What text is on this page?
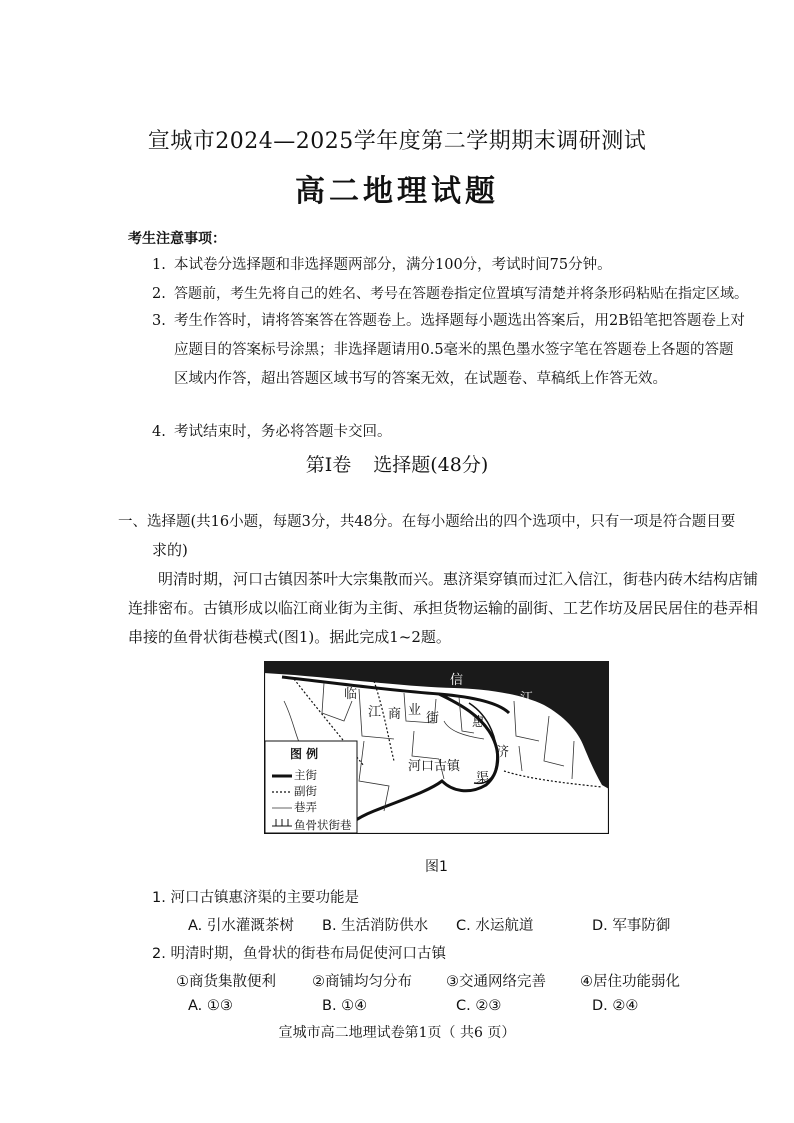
宣城市2024—2025学年度第二学期期末调研测试
高二地理试题
考生注意事项：
1. 本试卷分选择题和非选择题两部分，满分100分，考试时间75分钟。
2. 答题前，考生先将自己的姓名、考号在答题卷指定位置填写清楚并将条形码粘贴在指定区域。
3. 考生作答时，请将答案答在答题卷上。选择题每小题选出答案后，用2B铅笔把答题卷上对
应题目的答案标号涂黑；非选择题请用0.5毫米的黑色墨水签字笔在答题卷上各题的答题
区域内作答，超出答题区域书写的答案无效，在试题卷、草稿纸上作答无效。
4. 考试结束时，务必将答题卡交回。
第Ⅰ卷 选择题(48分)
一、选择题(共16小题，每题3分，共48分。在每小题给出的四个选项中，只有一项是符合题目要
求的)
明清时期，河口古镇因茶叶大宗集散而兴。惠济渠穿镇而过汇入信江，街巷内砖木结构店铺连排密布。古镇形成以临江商业街为主街、承担货物运输的副街、工艺作坊及居民居住的巷弄相串接的鱼骨状街巷模式(图1)。据此完成1~2题。
信
江
临
江 商 业
街	惠
济
渠
河口古镇
图 例
主街
副街
巷弄
鱼骨状街巷
图1
1. 河口古镇惠济渠的主要功能是
A. 引水灌溉茶树 B. 生活消防供水 C. 水运航道	D. 军事防御
2. 明清时期，鱼骨状的街巷布局促使河口古镇
①商货集散便利 ②商铺均匀分布 ③交通网络完善 ④居住功能弱化
A. ①③	B. ①④	C. ②③	D. ②④
宣城市高二地理试卷第1页（ 共6 页）
